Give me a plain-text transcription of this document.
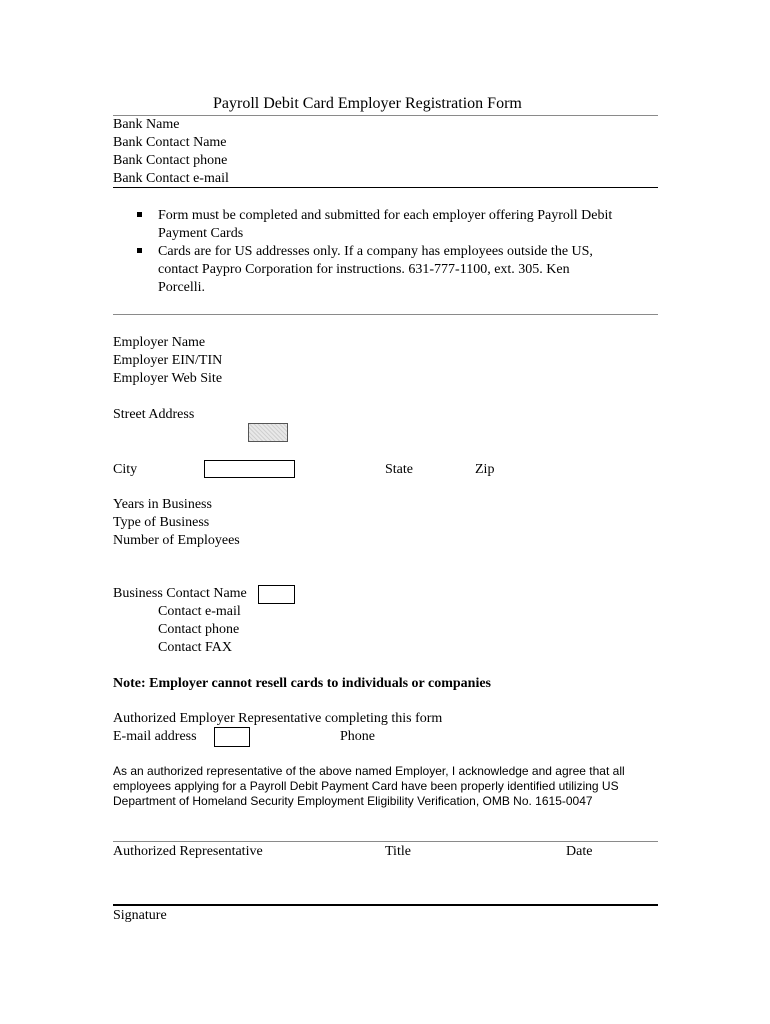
Payroll Debit Card Employer Registration Form
Bank Name
Bank Contact Name
Bank Contact phone
Bank Contact e-mail
Form must be completed and submitted for each employer offering Payroll Debit
Payment Cards
Cards are for US addresses only. If a company has employees outside the US,
contact Paypro Corporation for instructions. 631-777-1100, ext. 305. Ken
Porcelli.
Employer Name
Employer EIN/TIN
Employer Web Site
Street Address
City	State	Zip
Years in Business
Type of Business
Number of Employees
Business Contact Name
Contact e-mail
Contact phone
Contact FAX
Note: Employer cannot resell cards to individuals or companies
Authorized Employer Representative completing this form
E-mail address	Phone
As an authorized representative of the above named Employer, I acknowledge and agree that all
employees applying for a Payroll Debit Payment Card have been properly identified utilizing US
Department of Homeland Security Employment Eligibility Verification, OMB No. 1615-0047
Authorized Representative	Title	Date
Signature
